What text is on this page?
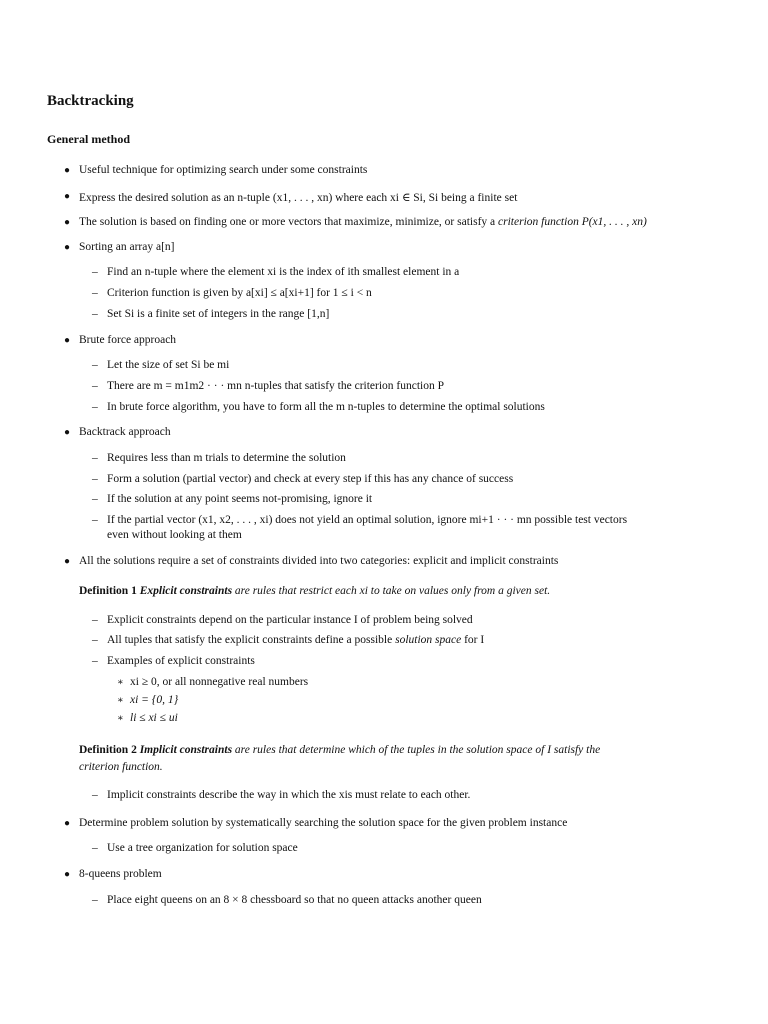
Backtracking
General method
● Useful technique for optimizing search under some constraints
● Express the desired solution as an n-tuple (x1, . . . , xn) where each xi ∈ Si, Si being a finite set
● The solution is based on finding one or more vectors that maximize, minimize, or satisfy a criterion function P(x1, . . . , xn)
● Sorting an array a[n]
– Find an n-tuple where the element xi is the index of ith smallest element in a
– Criterion function is given by a[xi] ≤ a[xi+1] for 1 ≤ i < n
– Set Si is a finite set of integers in the range [1,n]
● Brute force approach
– Let the size of set Si be mi
– There are m = m1m2 · · · mn n-tuples that satisfy the criterion function P
– In brute force algorithm, you have to form all the m n-tuples to determine the optimal solutions
● Backtrack approach
– Requires less than m trials to determine the solution
– Form a solution (partial vector) and check at every step if this has any chance of success
– If the solution at any point seems not-promising, ignore it
– If the partial vector (x1, x2, . . . , xi) does not yield an optimal solution, ignore mi+1 · · · mn possible test vectors
even without looking at them
● All the solutions require a set of constraints divided into two categories: explicit and implicit constraints
Definition 1 Explicit constraints are rules that restrict each xi to take on values only from a given set.
– Explicit constraints depend on the particular instance I of problem being solved
– All tuples that satisfy the explicit constraints define a possible solution space for I
– Examples of explicit constraints
∗ xi ≥ 0, or all nonnegative real numbers
∗ xi = {0, 1}
∗ li ≤ xi ≤ ui
Definition 2 Implicit constraints are rules that determine which of the tuples in the solution space of I satisfy the
criterion function.
– Implicit constraints describe the way in which the xis must relate to each other.
● Determine problem solution by systematically searching the solution space for the given problem instance
– Use a tree organization for solution space
● 8-queens problem
– Place eight queens on an 8 × 8 chessboard so that no queen attacks another queen
